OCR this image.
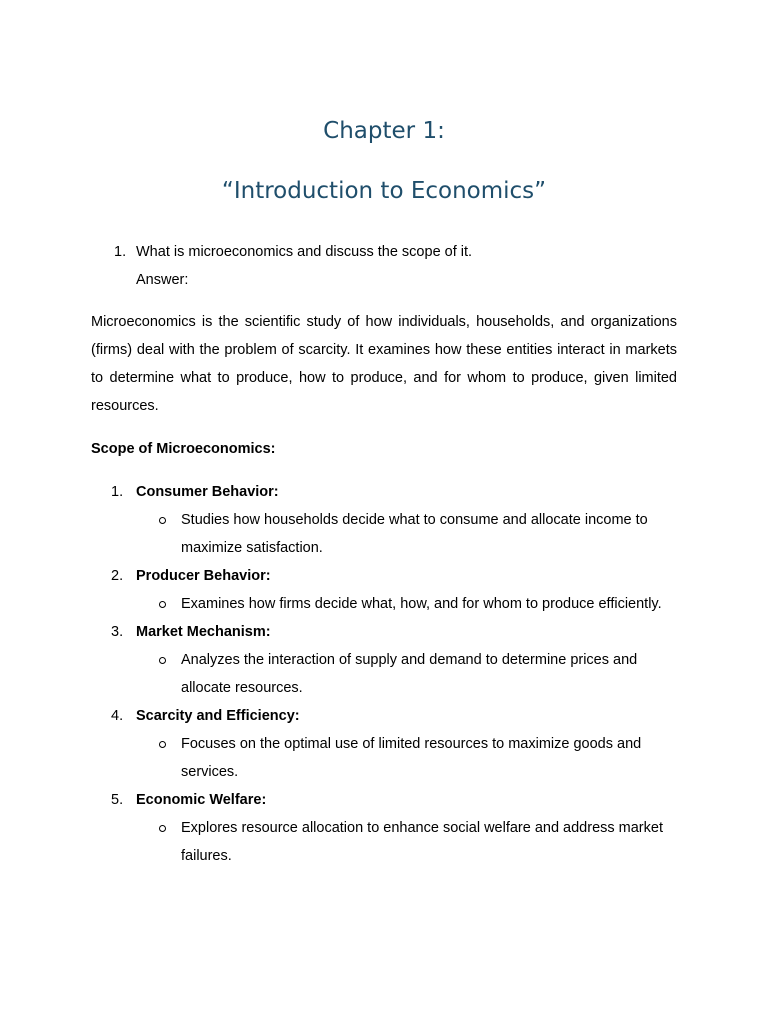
Chapter 1:
“Introduction to Economics”
1. What is microeconomics and discuss the scope of it.
Answer:

Microeconomics is the scientific study of how individuals, households, and organizations (firms) deal with the problem of scarcity. It examines how these entities interact in markets to determine what to produce, how to produce, and for whom to produce, given limited resources.

Scope of Microeconomics:
1. Consumer Behavior:
Studies how households decide what to consume and allocate income to maximize satisfaction.
2. Producer Behavior:
Examines how firms decide what, how, and for whom to produce efficiently.
3. Market Mechanism:
Analyzes the interaction of supply and demand to determine prices and allocate resources.
4. Scarcity and Efficiency:
Focuses on the optimal use of limited resources to maximize goods and services.
5. Economic Welfare:
Explores resource allocation to enhance social welfare and address market failures.
